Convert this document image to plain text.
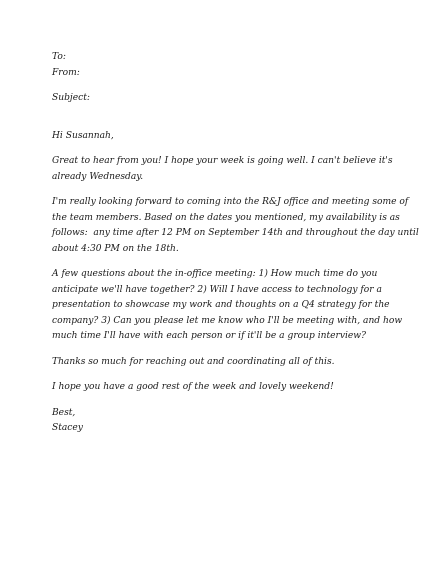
To:
From:
Subject:
Hi Susannah,
Great to hear from you! I hope your week is going well. I can't believe it's
already Wednesday.
I'm really looking forward to coming into the R&J office and meeting some of
the team members. Based on the dates you mentioned, my availability is as
follows:  any time after 12 PM on September 14th and throughout the day until
about 4:30 PM on the 18th.
A few questions about the in-office meeting: 1) How much time do you
anticipate we'll have together? 2) Will I have access to technology for a
presentation to showcase my work and thoughts on a Q4 strategy for the
company? 3) Can you please let me know who I'll be meeting with, and how
much time I'll have with each person or if it'll be a group interview?
Thanks so much for reaching out and coordinating all of this.
I hope you have a good rest of the week and lovely weekend!
Best,
Stacey
